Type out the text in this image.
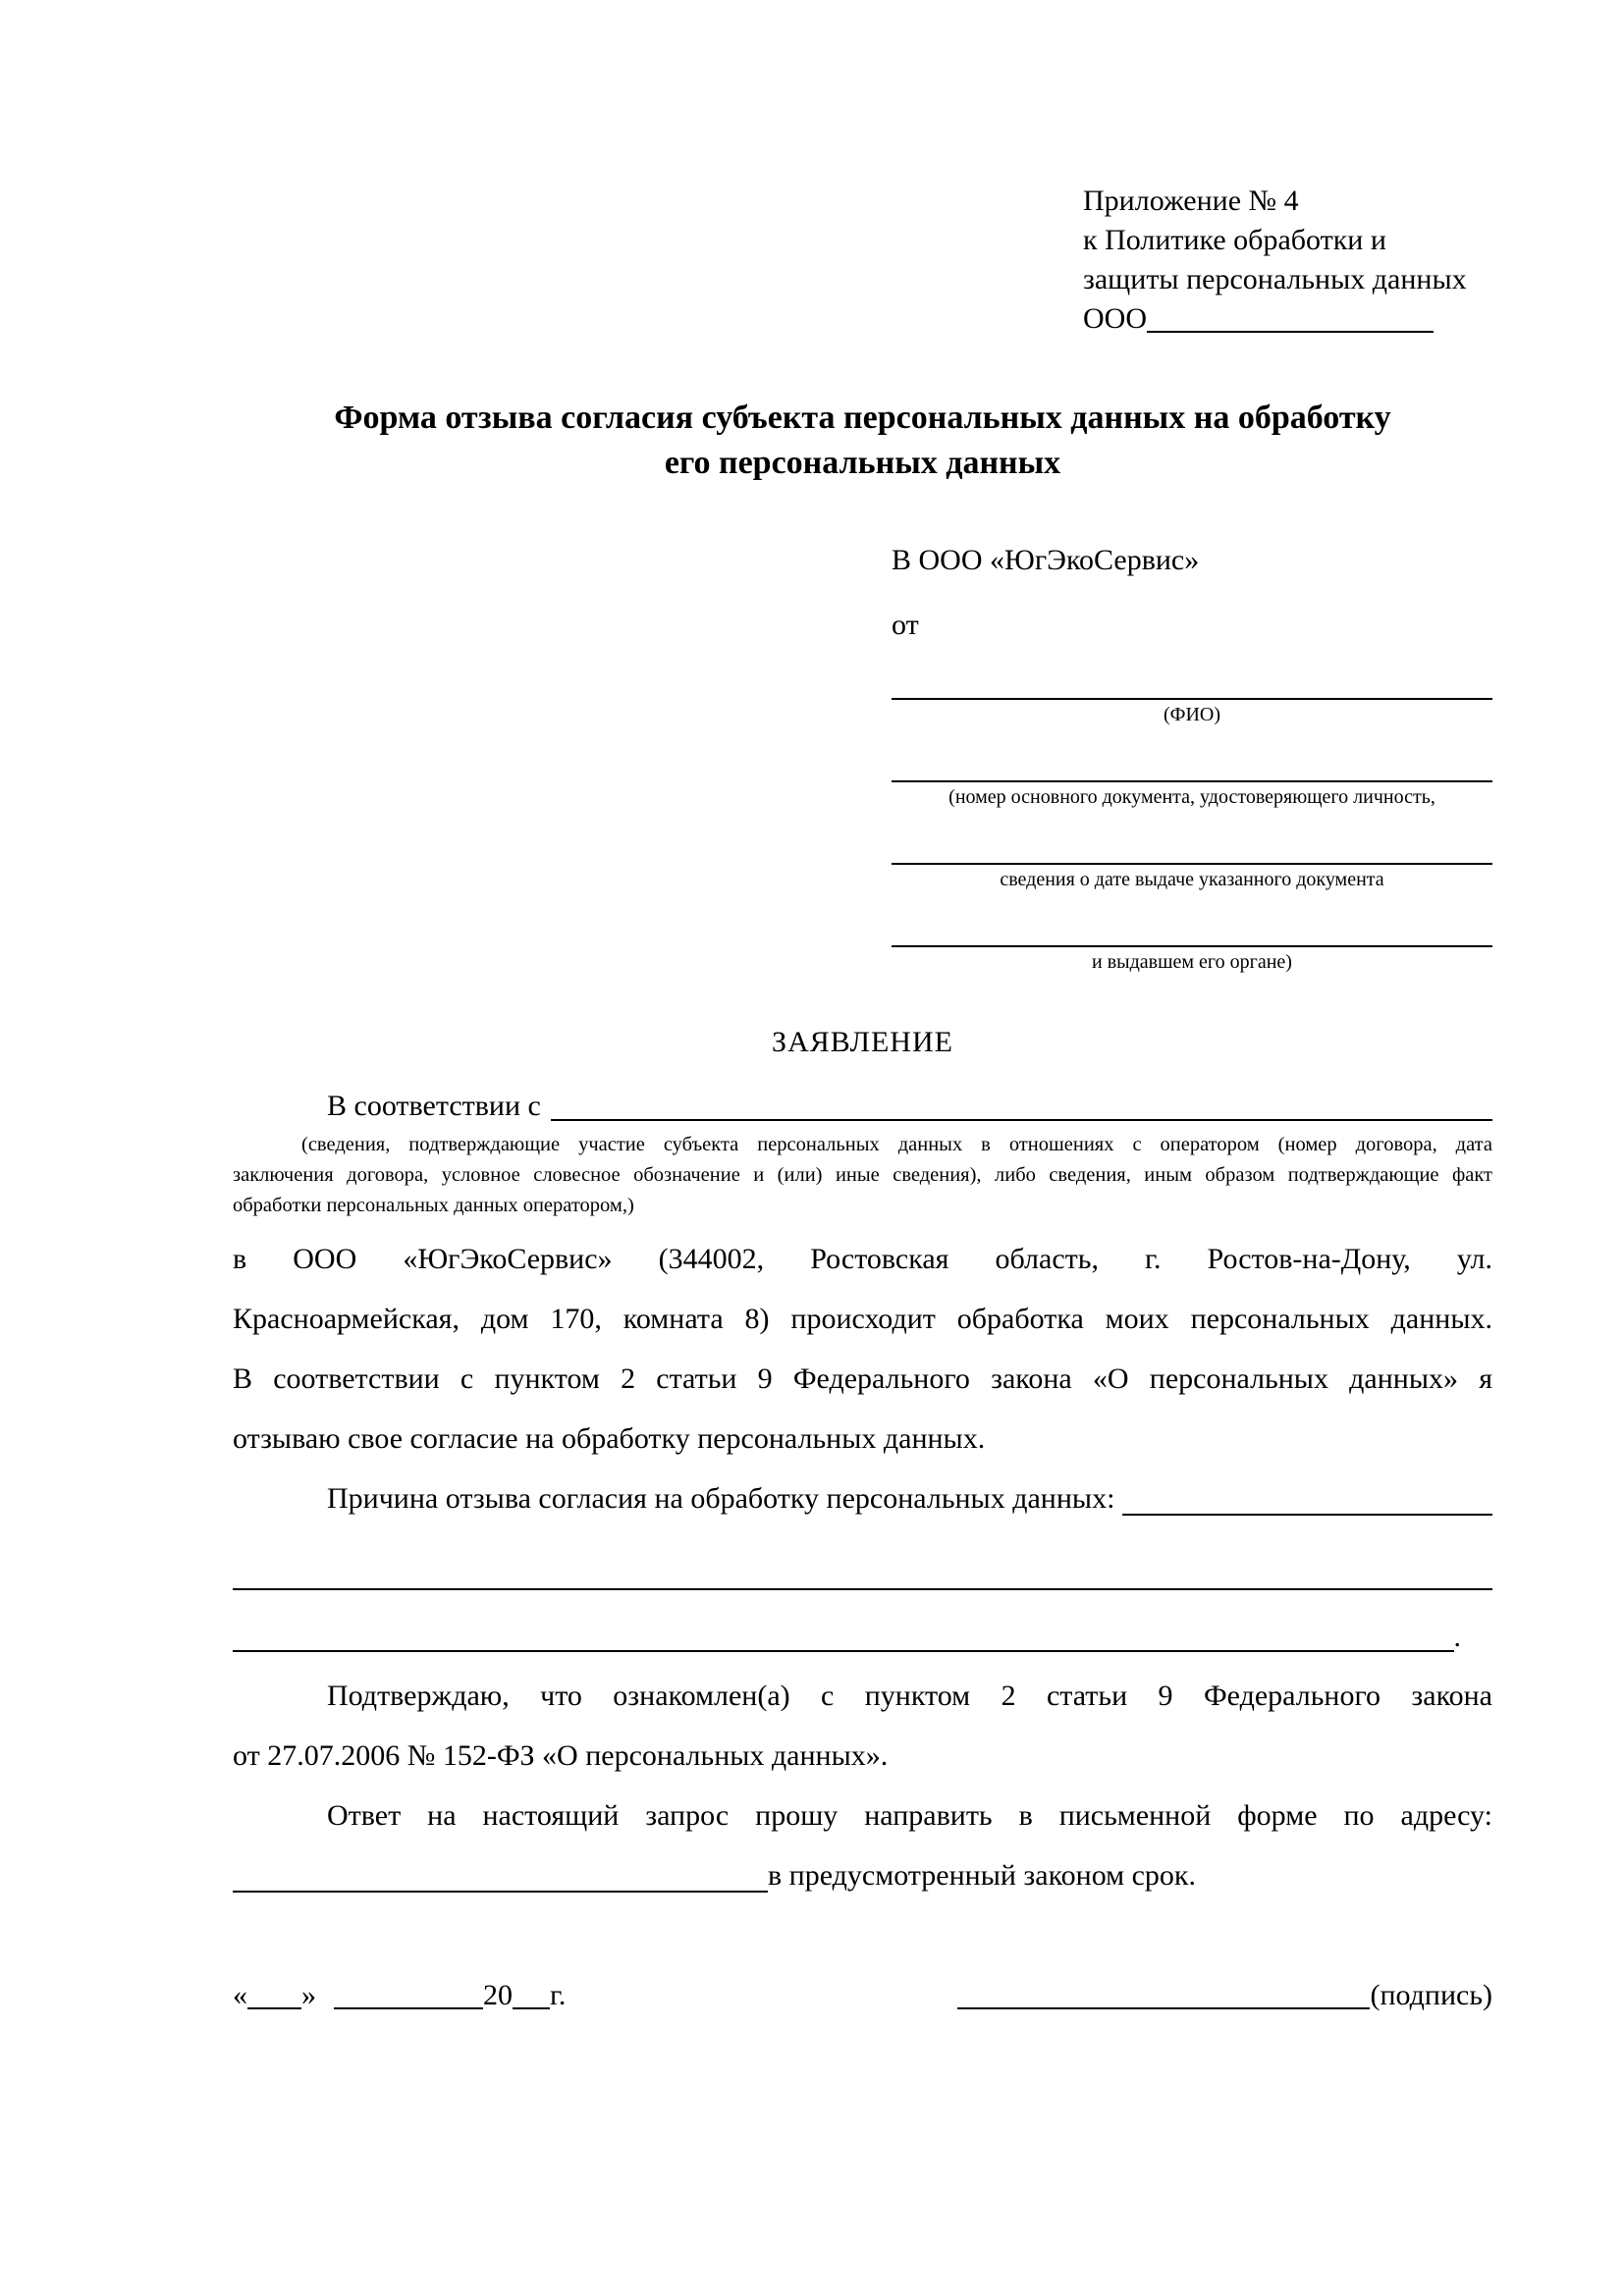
Приложение № 4
к Политике обработки и
защиты персональных данных
ООО
Форма отзыва согласия субъекта персональных данных на обработку
его персональных данных
В ООО «ЮгЭкоСервис»
от
(ФИО)
(номер основного документа, удостоверяющего личность,
сведения о дате выдаче указанного документа
и выдавшем его органе)
ЗАЯВЛЕНИЕ
В соответствии с
(сведения, подтверждающие участие субъекта персональных данных в отношениях с оператором (номер договора, дата
заключения договора, условное словесное обозначение и (или) иные сведения), либо сведения, иным образом подтверждающие факт
обработки персональных данных оператором,)
в ООО «ЮгЭкоСервис» (344002, Ростовская область, г. Ростов-на-Дону, ул.
Красноармейская, дом 170, комната 8) происходит обработка моих персональных данных.
В соответствии с пунктом 2 статьи 9 Федерального закона «О персональных данных» я
отзываю свое согласие на обработку персональных данных.
Причина отзыва согласия на обработку персональных данных:
.
Подтверждаю, что ознакомлен(а) с пунктом 2 статьи 9 Федерального закона
от 27.07.2006 № 152-ФЗ «О персональных данных».
Ответ на настоящий запрос прошу направить в письменной форме по адресу:
в предусмотренный законом срок.
« »	20 г.	(подпись)
